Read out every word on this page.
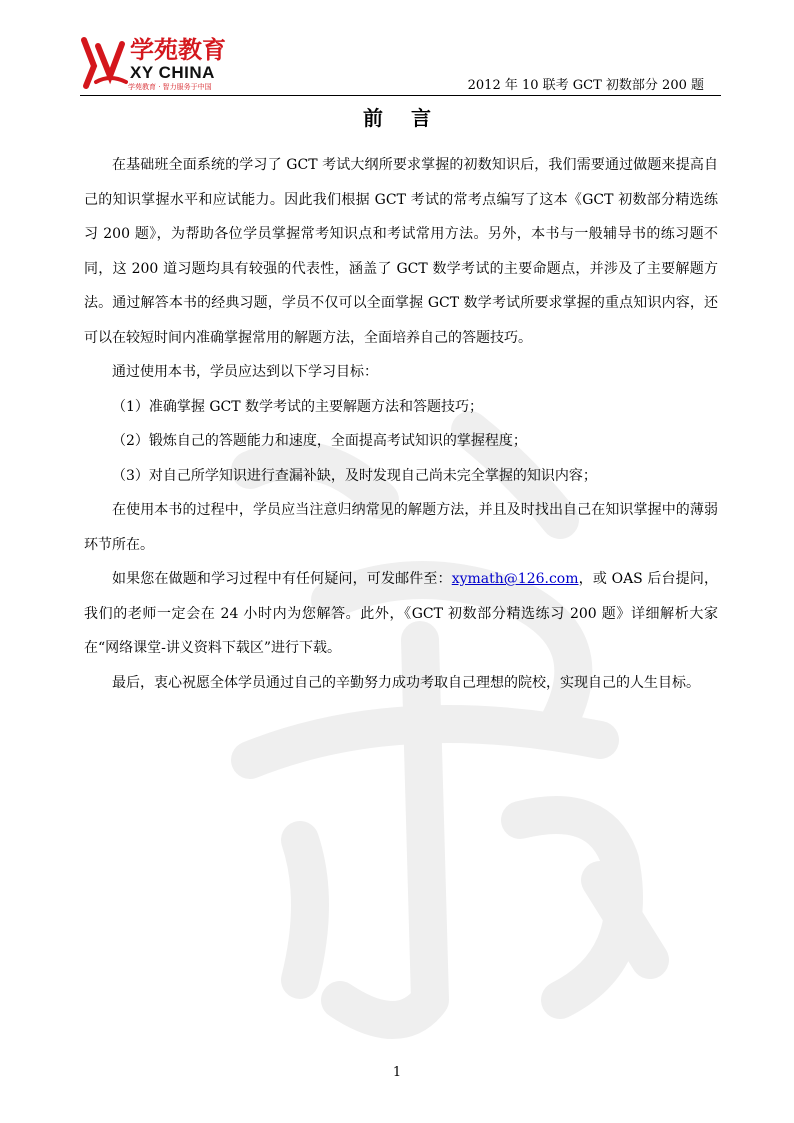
学苑教育
XY CHINA
学苑教育 · 智力服务于中国	2012 年 10 联考 GCT 初数部分 200 题
前言

在基础班全面系统的学习了 GCT 考试大纲所要求掌握的初数知识后，我们需要通过做题来提高自己的知识掌握水平和应试能力。因此我们根据 GCT 考试的常考点编写了这本《GCT 初数部分精选练习 200 题》，为帮助各位学员掌握常考知识点和考试常用方法。另外，本书与一般辅导书的练习题不同，这 200 道习题均具有较强的代表性，涵盖了 GCT 数学考试的主要命题点，并涉及了主要解题方法。通过解答本书的经典习题，学员不仅可以全面掌握 GCT 数学考试所要求掌握的重点知识内容，还可以在较短时间内准确掌握常用的解题方法，全面培养自己的答题技巧。

通过使用本书，学员应达到以下学习目标：

（1）准确掌握 GCT 数学考试的主要解题方法和答题技巧；

（2）锻炼自己的答题能力和速度，全面提高考试知识的掌握程度；

（3）对自己所学知识进行查漏补缺，及时发现自己尚未完全掌握的知识内容；

在使用本书的过程中，学员应当注意归纳常见的解题方法，并且及时找出自己在知识掌握中的薄弱环节所在。

如果您在做题和学习过程中有任何疑问，可发邮件至：xymath@126.com，或 OAS 后台提问，我们的老师一定会在 24 小时内为您解答。此外，《GCT 初数部分精选练习 200 题》详细解析大家在“网络课堂-讲义资料下载区”进行下载。

最后，衷心祝愿全体学员通过自己的辛勤努力成功考取自己理想的院校，实现自己的人生目标。

1
